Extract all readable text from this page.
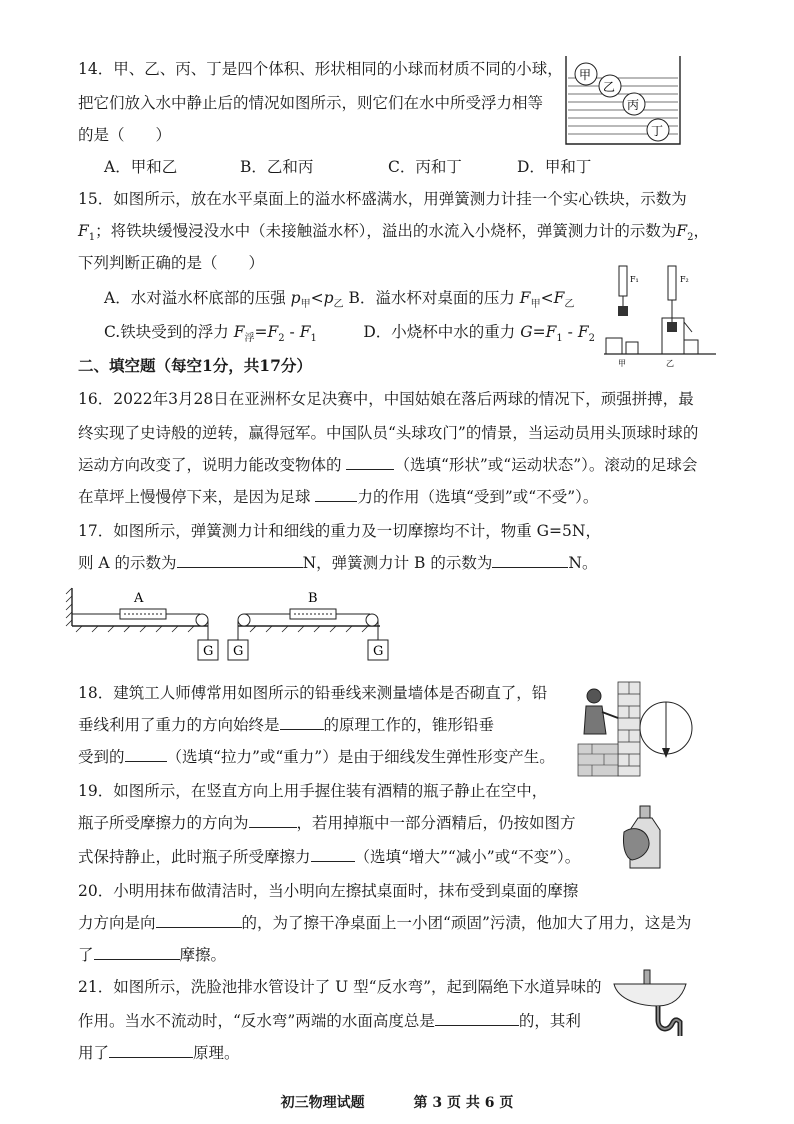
14．甲、乙、丙、丁是四个体积、形状相同的小球而材质不同的小球，
把它们放入水中静止后的情况如图所示，则它们在水中所受浮力相等
的是（　　）
A．甲和乙	B．乙和丙	C．丙和丁	D．甲和丁
甲
乙
丙
丁
15．如图所示，放在水平桌面上的溢水杯盛满水，用弹簧测力计挂一个实心铁块，示数为
$F_1$；将铁块缓慢浸没水中（未接触溢水杯），溢出的水流入小烧杯，弹簧测力计的示数为$F_2$，
下列判断正确的是（　　）
A．水对溢水杯底部的压强 $p_甲<p_乙$ B．溢水杯对桌面的压力 $F_甲<F_乙$
C.铁块受到的浮力 $F_浮=F_2 - F_1$　　　	D．小烧杯中水的重力 $G=F_1 - F_2$
F₁
甲
F₂
乙
二、填空题（每空1分，共17分）
16．2022年3月28日在亚洲杯女足决赛中，中国姑娘在落后两球的情况下，顽强拼搏，最
终实现了史诗般的逆转，赢得冠军。中国队员“头球攻门”的情景，当运动员用头顶球时球的
运动方向改变了，说明力能改变物体的	（选填“形状”或“运动状态”）。滚动的足球会
在草坪上慢慢停下来，是因为足球	力的作用（选填“受到”或“不受”）。
17．如图所示，弹簧测力计和细线的重力及一切摩擦均不计，物重 G=5N，
则 A 的示数为	N，弹簧测力计 B 的示数为	N。
A
G G
B
G
18．建筑工人师傅常用如图所示的铅垂线来测量墙体是否砌直了，铅
垂线利用了重力的方向始终是	的原理工作的，锥形铅垂
受到的	（选填“拉力”或“重力”）是由于细线发生弹性形变产生。
19．如图所示，在竖直方向上用手握住装有酒精的瓶子静止在空中，
瓶子所受摩擦力的方向为	，若用掉瓶中一部分酒精后，仍按如图方
式保持静止，此时瓶子所受摩擦力	（选填“增大”“减小”或“不变”）。
20．小明用抹布做清洁时，当小明向左擦拭桌面时，抹布受到桌面的摩擦
力方向是向	的，为了擦干净桌面上一小团“顽固”污渍，他加大了用力，这是为
了	摩擦。
21．如图所示，洗脸池排水管设计了 U 型“反水弯”，起到隔绝下水道异味的
作用。当水不流动时，“反水弯”两端的水面高度总是	的，其利
用了	原理。
初三物理试题	第 3 页 共 6 页
